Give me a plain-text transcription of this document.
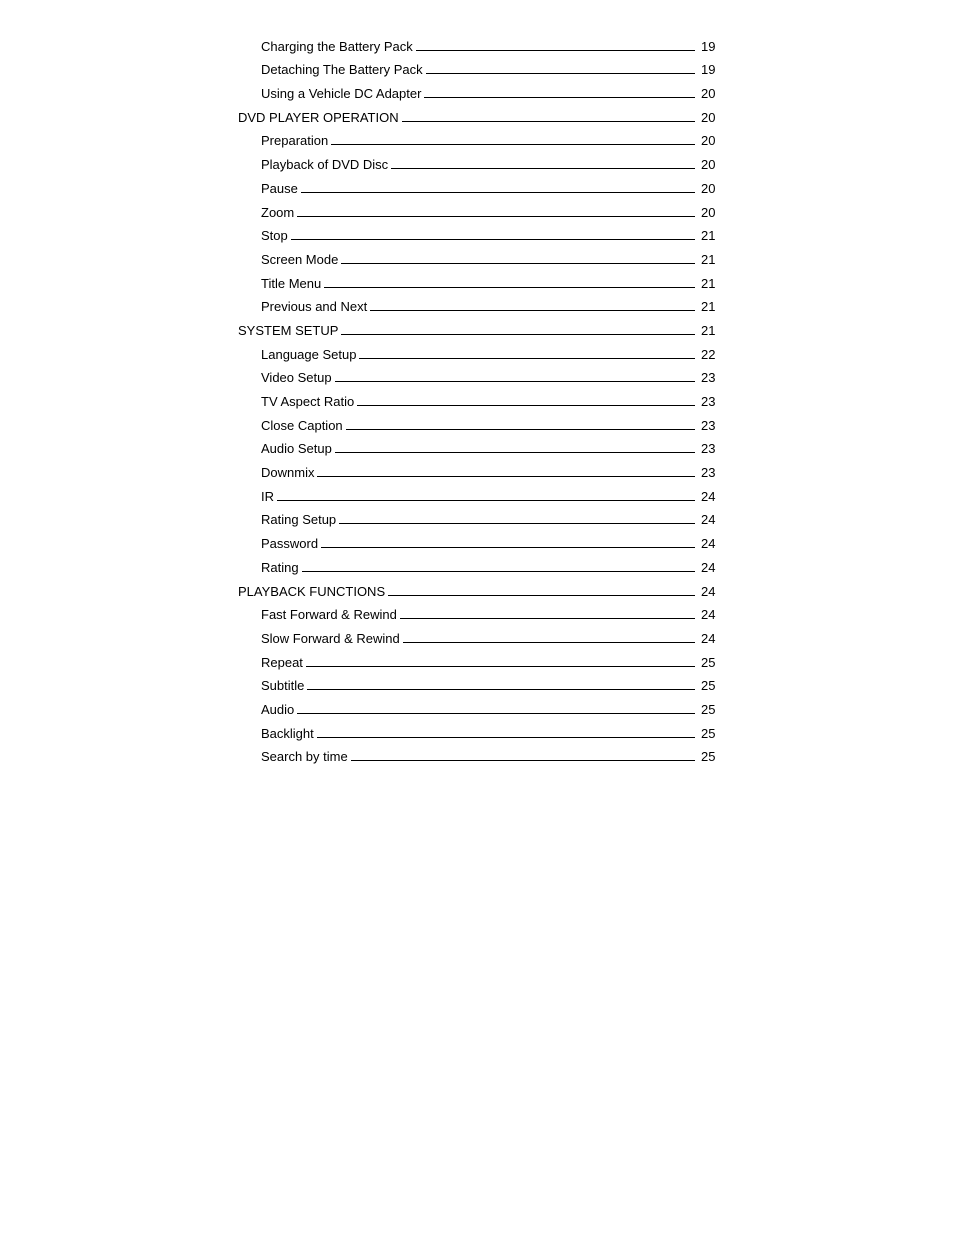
Charging the Battery Pack	19
Detaching The Battery Pack	19
Using a Vehicle DC Adapter	20
DVD PLAYER OPERATION	20
Preparation	20
Playback of DVD Disc	20
Pause	20
Zoom	20
Stop	21
Screen Mode	21
Title Menu	21
Previous and Next	21
SYSTEM SETUP	21
Language Setup	22
Video Setup	23
TV Aspect Ratio	23
Close Caption	23
Audio Setup	23
Downmix	23
IR	24
Rating Setup	24
Password	24
Rating	24
PLAYBACK FUNCTIONS	24
Fast Forward & Rewind	24
Slow Forward & Rewind	24
Repeat	25
Subtitle	25
Audio	25
Backlight	25
Search by time	25
